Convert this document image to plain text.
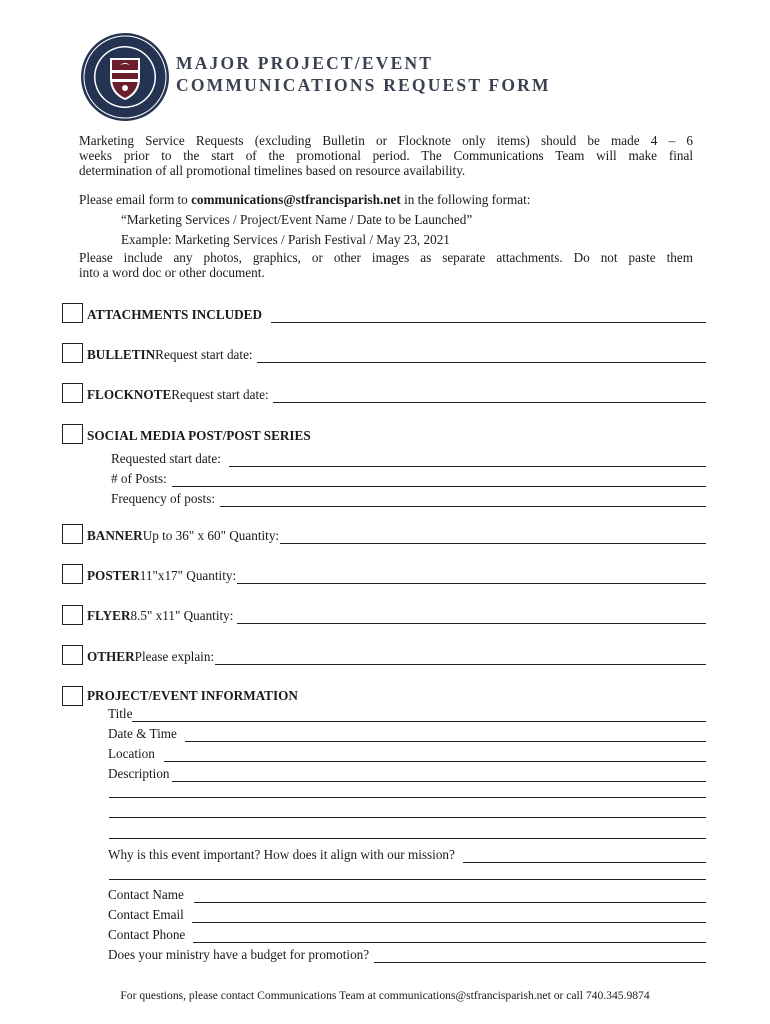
MAJOR PROJECT/EVENT
COMMUNICATIONS REQUEST FORM
Marketing Service Requests (excluding Bulletin or Flocknote only items) should be made 4 – 6
weeks prior to the start of the promotional period. The Communications Team will make final
determination of all promotional timelines based on resource availability.
Please email form to communications@stfrancisparish.net in the following format:
“Marketing Services / Project/Event Name / Date to be Launched”
Example: Marketing Services / Parish Festival / May 23, 2021
Please include any photos, graphics, or other images as separate attachments. Do not paste them
into a word doc or other document.
ATTACHMENTS INCLUDED
BULLETIN Request start date:
FLOCKNOTE Request start date:
SOCIAL MEDIA POST/POST SERIES
Requested start date:
# of Posts:
Frequency of posts:
BANNER Up to 36" x 60" Quantity:
POSTER 11"x17" Quantity:
FLYER 8.5" x11" Quantity:
OTHER Please explain:
PROJECT/EVENT INFORMATION
Title
Date & Time
Location
Description
Why is this event important? How does it align with our mission?
Contact Name
Contact Email
Contact Phone
Does your ministry have a budget for promotion?
For questions, please contact Communications Team at communications@stfrancisparish.net or call 740.345.9874
